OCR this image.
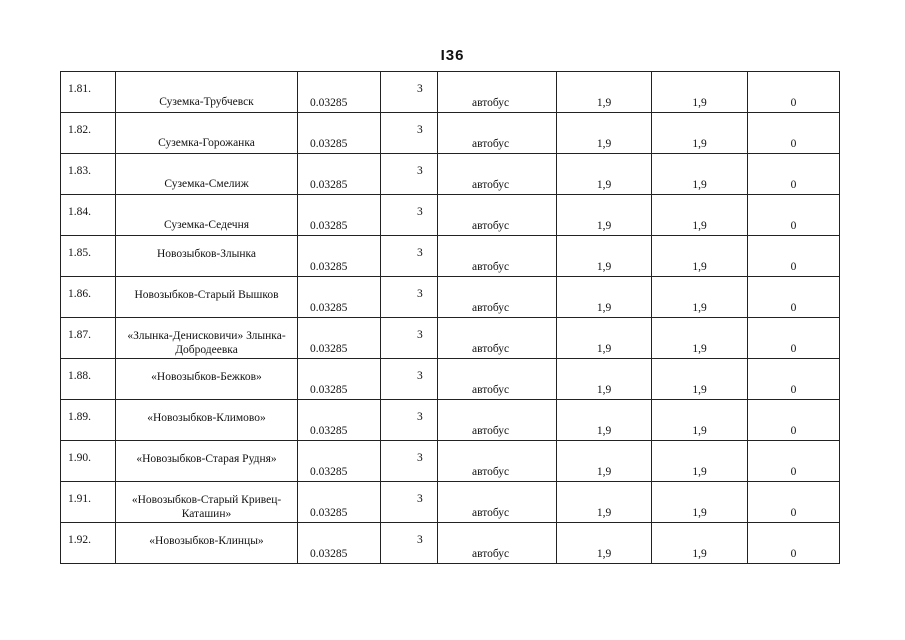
I36
1.81.	Суземка-Трубчевск	0.03285	3	автобус	1,9	1,9	0

1.82.	Суземка-Горожанка	0.03285	3	автобус	1,9	1,9	0

1.83.	Суземка-Смелиж	0.03285	3	автобус	1,9	1,9	0

1.84.	Суземка-Седечня	0.03285	3	автобус	1,9	1,9	0

1.85.	Новозыбков-Злынка	0.03285	3	автобус	1,9	1,9	0

1.86.	Новозыбков-Старый Вышков	0.03285	3	автобус	1,9	1,9	0

1.87.	«Злынка-Денисковичи» Злынка-Добродеевка	0.03285	3	автобус	1,9	1,9	0

1.88.	«Новозыбков-Бежков»	0.03285	3	автобус	1,9	1,9	0

1.89.	«Новозыбков-Климово»	0.03285	3	автобус	1,9	1,9	0

1.90.	«Новозыбков-Старая Рудня»	0.03285	3	автобус	1,9	1,9	0

1.91.	«Новозыбков-Старый Кривец-Каташин»	0.03285	3	автобус	1,9	1,9	0

1.92.	«Новозыбков-Клинцы»	0.03285	3	автобус	1,9	1,9	0
